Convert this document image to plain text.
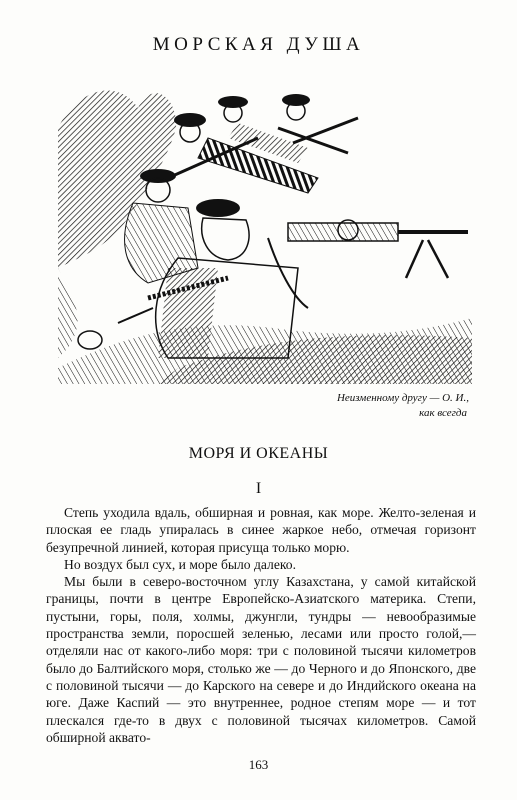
МОРСКАЯ ДУША
Неизменному другу — О. И.,
как всегда
МОРЯ И ОКЕАНЫ
I

Степь уходила вдаль, обширная и ровная, как море. Желто-зеленая и плоская ее гладь упиралась в синее жаркое небо, отмечая горизонт безупречной линией, которая присуща только морю.

Но воздух был сух, и море было далеко.

Мы были в северо-восточном углу Казахстана, у самой китайской границы, почти в центре Европейско-Азиатского материка. Степи, пустыни, горы, поля, холмы, джунгли, тундры — невообразимые пространства земли, поросшей зеленью, лесами или просто голой,— отделяли нас от какого-либо моря: три с половиной тысячи километров было до Балтийского моря, столько же — до Черного и до Японского, две с половиной тысячи — до Карского на севере и до Индийского океана на юге. Даже Каспий — это внутреннее, родное степям море — и тот плескался где-то в двух с половиной тысячах километров. Самой обширной аквато-

163
